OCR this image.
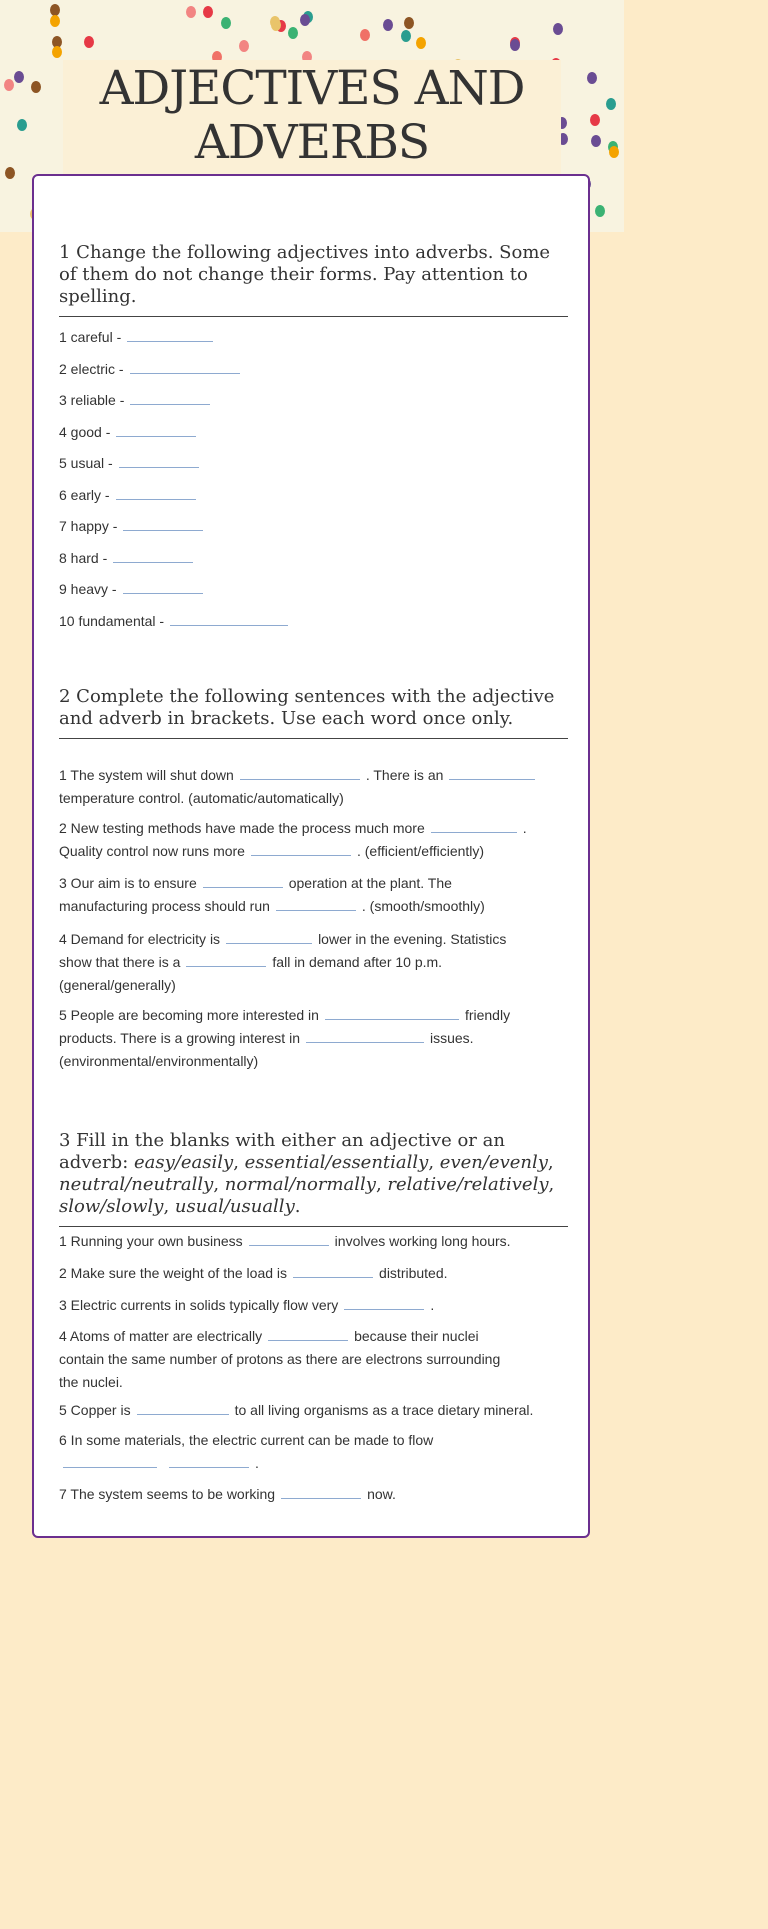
ADJECTIVES AND
ADVERBS
1 Change the following adjectives into adverbs. Some of them do not change their forms. Pay attention to spelling.
1 careful -
2 electric -
3 reliable -
4 good -
5 usual -
6 early -
7 happy -
8 hard -
9 heavy -
10 fundamental -
2 Complete the following sentences with the adjective and adverb in brackets. Use each word once only.
1 The system will shut down	. There is an
temperature control. (automatic/automatically)
2 New testing methods have made the process much more	.
Quality control now runs more	. (efficient/efficiently)
3 Our aim is to ensure	operation at the plant. The
manufacturing process should run	. (smooth/smoothly)
4 Demand for electricity is	lower in the evening. Statistics
show that there is a	fall in demand after 10 p.m.
(general/generally)
5 People are becoming more interested in	friendly
products. There is a growing interest in	issues.
(environmental/environmentally)
3 Fill in the blanks with either an adjective or an adverb: easy/easily, essential/essentially, even/evenly, neutral/neutrally, normal/normally, relative/relatively, slow/slowly, usual/usually.
1 Running your own business	involves working long hours.
2 Make sure the weight of the load is	distributed.
3 Electric currents in solids typically flow very	.
4 Atoms of matter are electrically	because their nuclei
contain the same number of protons as there are electrons surrounding
the nuclei.
5 Copper is	to all living organisms as a trace dietary mineral.
6 In some materials, the electric current can be made to flow
.
7 The system seems to be working	now.
